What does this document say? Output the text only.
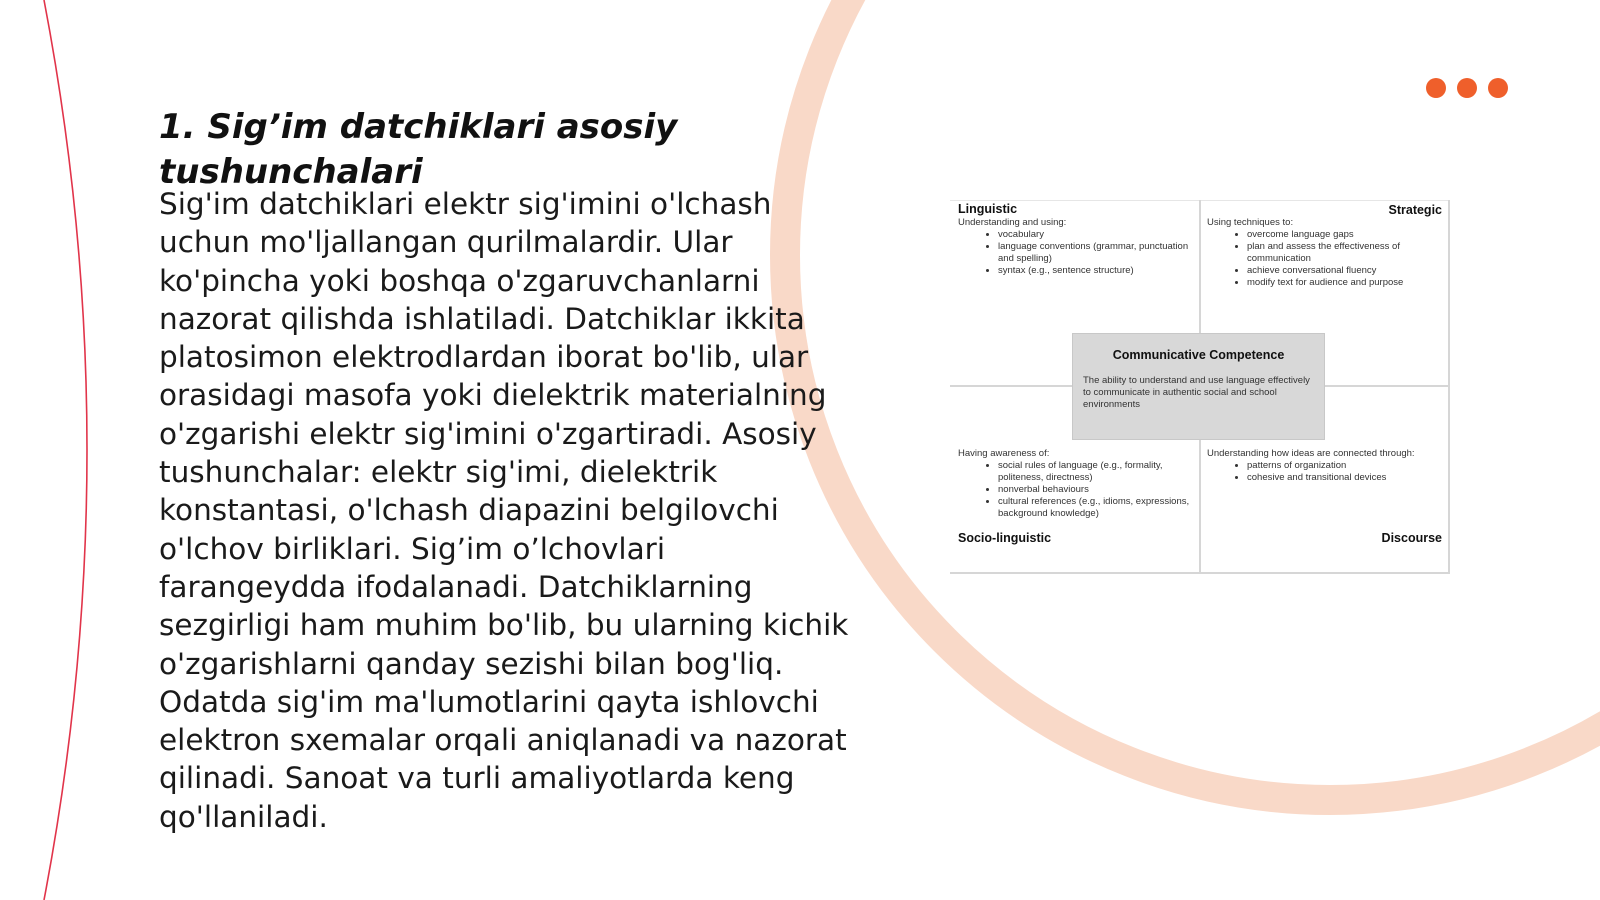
1. Sig’im datchiklari asosiy tushunchalari

Sig'im datchiklari elektr sig'imini o'lchash uchun mo'ljallangan qurilmalardir. Ular ko'pincha yoki boshqa o'zgaruvchanlarni nazorat qilishda ishlatiladi. Datchiklar ikkita platosimon elektrodlardan iborat bo'lib, ular orasidagi masofa yoki dielektrik materialning o'zgarishi elektr sig'imini o'zgartiradi. Asosiy tushunchalar: elektr sig'imi, dielektrik konstantasi, o'lchash diapazini belgilovchi o'lchov birliklari. Sig’im o’lchovlari farangeydda ifodalanadi. Datchiklarning sezgirligi ham muhim bo'lib, bu ularning kichik o'zgarishlarni qanday sezishi bilan bog'liq. Odatda sig'im ma'lumotlarini qayta ishlovchi elektron sxemalar orqali aniqlanadi va nazorat qilinadi. Sanoat va turli amaliyotlarda keng qo'llaniladi.

Linguistic
Understanding and using:
• vocabulary
• language conventions (grammar, punctuation and spelling)
• syntax (e.g., sentence structure)
Strategic
Using techniques to:
• overcome language gaps
• plan and assess the effectiveness of communication
• achieve conversational fluency
• modify text for audience and purpose
Having awareness of:
• social rules of language (e.g., formality, politeness, directness)
• nonverbal behaviours
• cultural references (e.g., idioms, expressions, background knowledge)
Socio-linguistic
Understanding how ideas are connected through:
• patterns of organization
• cohesive and transitional devices
Discourse
Communicative Competence
The ability to understand and use language effectively to communicate in authentic social and school environments
